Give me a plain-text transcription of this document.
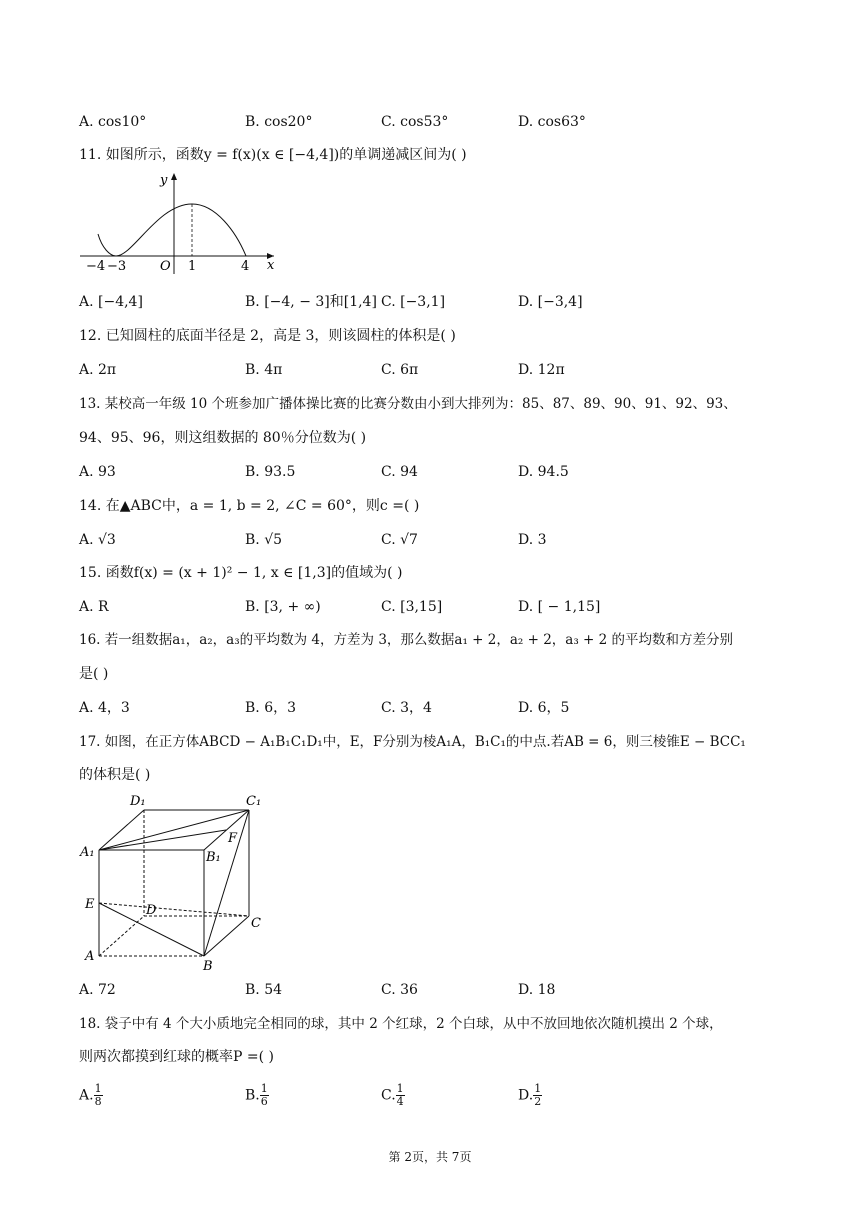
A. cos10°	B. cos20°	C. cos53°	D. cos63°
11. 如图所示，函数y = f(x)(x ∈ [−4,4])的单调递减区间为( )
y
x
O
−4 −3	1	4
A. [−4,4]	B. [−4, − 3]和[1,4] C. [−3,1]	D. [−3,4]
12. 已知圆柱的底面半径是 2，高是 3，则该圆柱的体积是( )
A. 2π	B. 4π	C. 6π	D. 12π
13. 某校高一年级 10 个班参加广播体操比赛的比赛分数由小到大排列为：85、87、89、90、91、92、93、
94、95、96，则这组数据的 80％分位数为( )
A. 93	B. 93.5	C. 94	D. 94.5
14. 在▲ABC中，a = 1, b = 2, ∠C = 60°，则c =( )
A. √3	B. √5	C. √7	D. 3
15. 函数f(x) = (x + 1)² − 1, x ∈ [1,3]的值域为( )
A. R	B. [3, + ∞)	C. [3,15]	D. [ − 1,15]
16. 若一组数据a₁，a₂，a₃的平均数为 4，方差为 3，那么数据a₁ + 2，a₂ + 2，a₃ + 2 的平均数和方差分别
是( )
A. 4，3	B. 6，3	C. 3，4	D. 6，5
17. 如图，在正方体ABCD − A₁B₁C₁D₁中，E，F分别为棱A₁A，B₁C₁的中点.若AB = 6，则三棱锥E − BCC₁
的体积是( )
D₁	C₁
F
A₁	B₁
E	D
C
A
B
A. 72	B. 54	C. 36	D. 18
18. 袋子中有 4 个大小质地完全相同的球，其中 2 个红球，2 个白球，从中不放回地依次随机摸出 2 个球，
则两次都摸到红球的概率P =( )
A. $\frac{1}{8}$	B. $\frac{1}{6}$	C. $\frac{1}{4}$	D. $\frac{1}{2}$
第 2页，共 7页
